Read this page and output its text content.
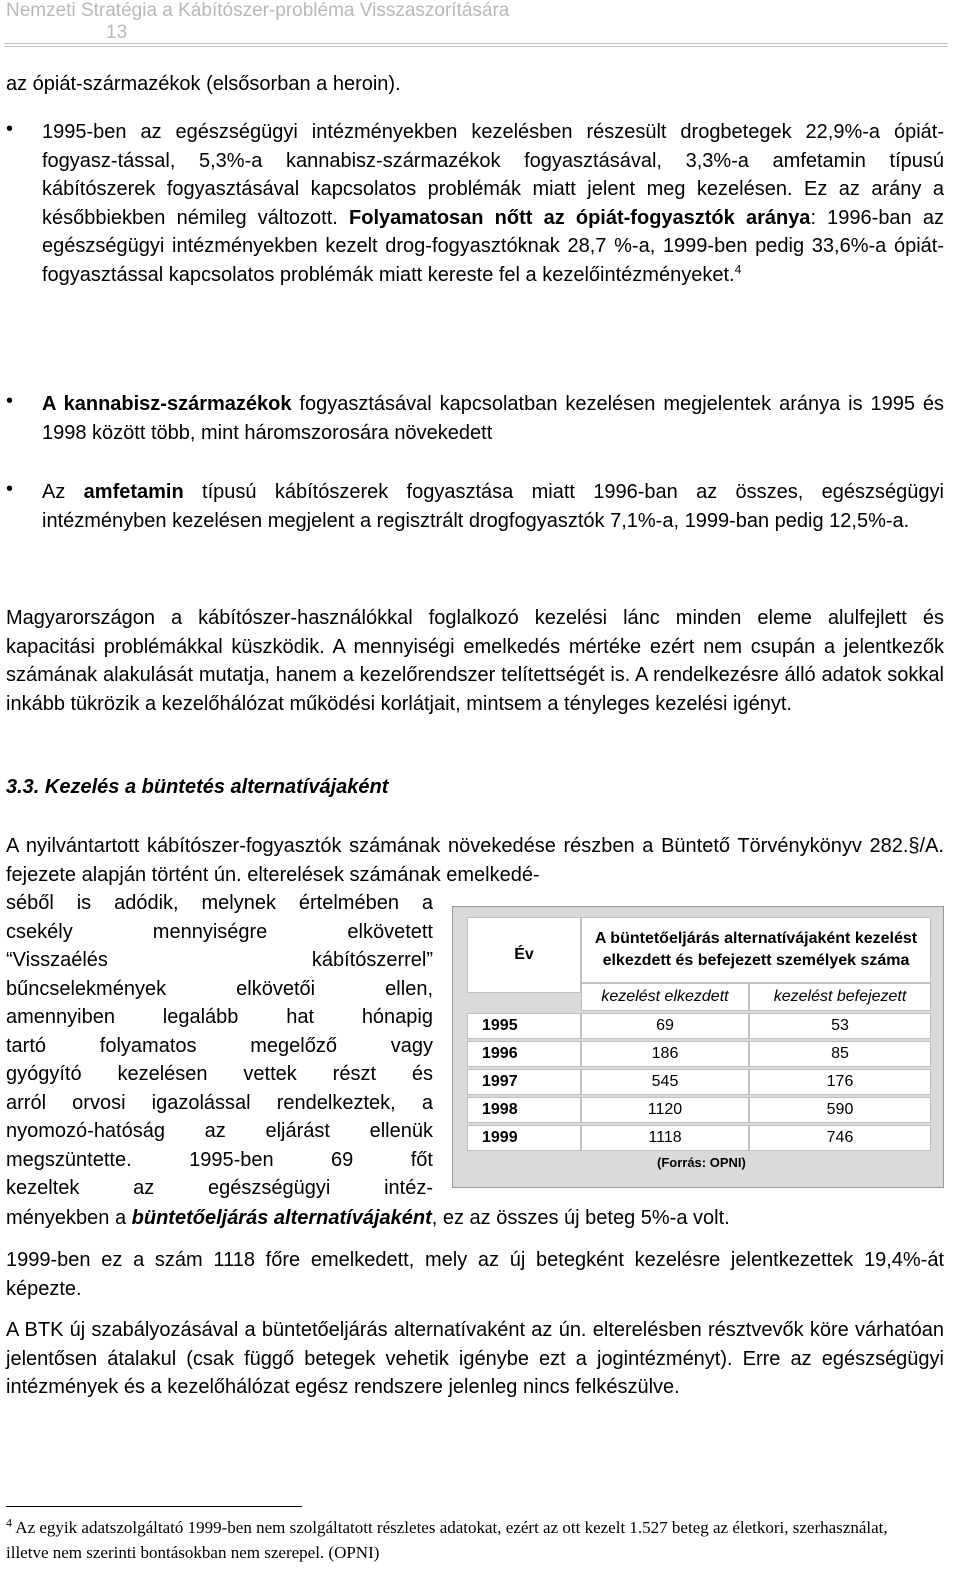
Nemzeti Stratégia a Kábítószer-probléma Visszaszorítására
13

az ópiát-származékok (elsősorban a heroin).

• 1995-ben az egészségügyi intézményekben kezelésben részesült drogbetegek 22,9%-a ópiát-fogyasz-tással, 5,3%-a kannabisz-származékok fogyasztásával, 3,3%-a amfetamin típusú kábítószerek fogyasztásával kapcsolatos problémák miatt jelent meg kezelésen. Ez az arány a későbbiekben némileg változott. Folyamatosan nőtt az ópiát-fogyasztók aránya: 1996-ban az egészségügyi intézményekben kezelt drog-fogyasztóknak 28,7 %-a, 1999-ben pedig 33,6%-a ópiát-fogyasztással kapcsolatos problémák miatt kereste fel a kezelőintézményeket.$^4$

• A kannabisz-származékok fogyasztásával kapcsolatban kezelésen megjelentek aránya is 1995 és 1998 között több, mint háromszorosára növekedett

• Az amfetamin típusú kábítószerek fogyasztása miatt 1996-ban az összes, egészségügyi intézményben kezelésen megjelent a regisztrált drogfogyasztók 7,1%-a, 1999-ban pedig 12,5%-a.

Magyarországon a kábítószer-használókkal foglalkozó kezelési lánc minden eleme alulfejlett és kapacitási problémákkal küszködik. A mennyiségi emelkedés mértéke ezért nem csupán a jelentkezők számának alakulását mutatja, hanem a kezelőrendszer telítettségét is. A rendelkezésre álló adatok sokkal inkább tükrözik a kezelőhálózat működési korlátjait, mintsem a tényleges kezelési igényt.

3.3. Kezelés a büntetés alternatívájaként

A nyilvántartott kábítószer-fogyasztók számának növekedése részben a Büntető Törvénykönyv 282.§/A. fejezete alapján történt ún. elterelések számának emelkedé-

séből is adódik, melynek értelmében a
csekély mennyiségre elkövetett
“Visszaélés kábítószerrel”
bűncselekmények elkövetői ellen,
amennyiben legalább hat hónapig
tartó folyamatos megelőző vagy
gyógyító kezelésen vettek részt és
arról orvosi igazolással rendelkeztek, a
nyomozó-hatóság az eljárást ellenük
megszüntette. 1995-ben 69 főt
kezeltek az egészségügyi intéz-

ményekben a büntetőeljárás alternatívájaként, ez az összes új beteg 5%-a volt.

Év
A büntetőeljárás alternatívájaként kezelést elkezdett és befejezett személyek száma
kezelést elkezdett	kezelést befejezett
1995	69	53
1996	186	85
1997	545	176
1998	1120	590
1999	1118	746
(Forrás: OPNI)

1999-ben ez a szám 1118 főre emelkedett, mely az új betegként kezelésre jelentkezettek 19,4%-át képezte.

A BTK új szabályozásával a büntetőeljárás alternatívaként az ún. elterelésben résztvevők köre várhatóan jelentősen átalakul (csak függő betegek vehetik igénybe ezt a jogintézményt). Erre az egészségügyi intézmények és a kezelőhálózat egész rendszere jelenleg nincs felkészülve.

$^4$ Az egyik adatszolgáltató 1999-ben nem szolgáltatott részletes adatokat, ezért az ott kezelt 1.527 beteg az életkori, szerhasználat, illetve nem szerinti bontásokban nem szerepel. (OPNI)
